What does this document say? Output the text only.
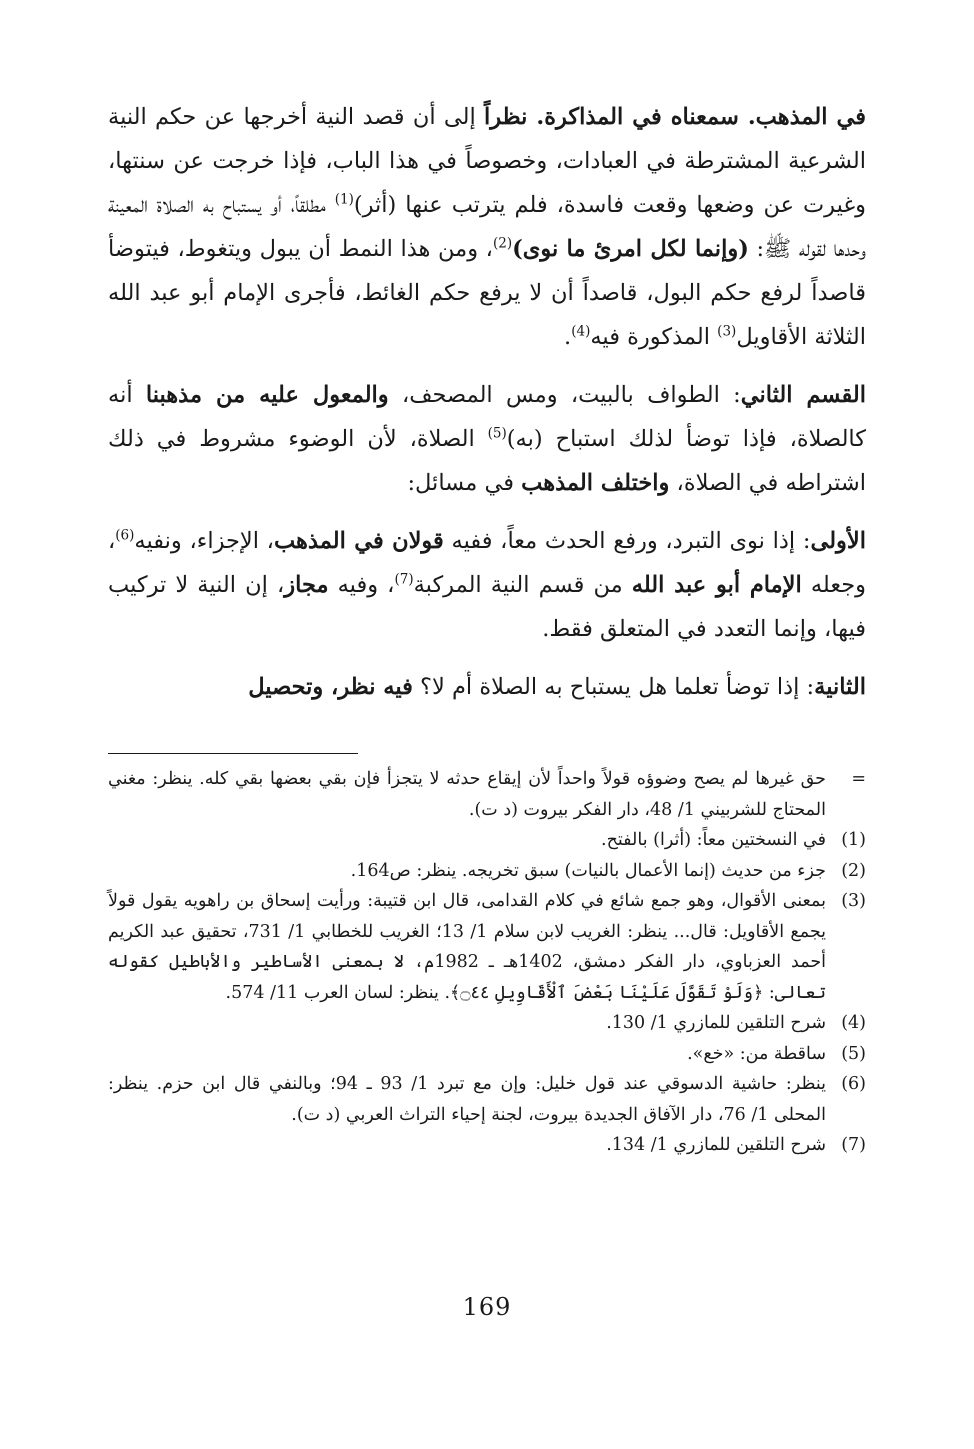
في المذهب. سمعناه في المذاكرة. نظراً إلى أن قصد النية أخرجها عن حكم النية الشرعية المشترطة في العبادات، وخصوصاً في هذا الباب، فإذا خرجت عن سنتها، وغيرت عن وضعها وقعت فاسدة، فلم يترتب عنها (أثر)$^{(1)}$ مطلقاً، أو يستباح به الصلاة المعينة وحدها لقوله ﷺ: (وإنما لكل امرئ ما نوى)$^{(2)}$، ومن هذا النمط أن يبول ويتغوط، فيتوضأ قاصداً لرفع حكم البول، قاصداً أن لا يرفع حكم الغائط، فأجرى الإمام أبو عبد الله الثلاثة الأقاويل$^{(3)}$ المذكورة فيه$^{(4)}$.

القسم الثاني: الطواف بالبيت، ومس المصحف، والمعول عليه من مذهبنا أنه كالصلاة، فإذا توضأ لذلك استباح (به)$^{(5)}$ الصلاة، لأن الوضوء مشروط في ذلك اشتراطه في الصلاة، واختلف المذهب في مسائل:

الأولى: إذا نوى التبرد، ورفع الحدث معاً، ففيه قولان في المذهب، الإجزاء، ونفيه$^{(6)}$، وجعله الإمام أبو عبد الله من قسم النية المركبة$^{(7)}$، وفيه مجاز، إن النية لا تركيب فيها، وإنما التعدد في المتعلق فقط.

الثانية: إذا توضأ تعلما هل يستباح به الصلاة أم لا؟ فيه نظر، وتحصيل

=
حق غيرها لم يصح وضوؤه قولاً واحداً لأن إيقاع حدثه لا يتجزأ فإن بقي بعضها بقي كله. ينظر: مغني المحتاج للشربيني 1/ 48، دار الفكر بيروت (د ت).
(1)
في النسختين معاً: (أثرا) بالفتح.
(2)
جزء من حديث (إنما الأعمال بالنيات) سبق تخريجه. ينظر: ص164.
(3)
بمعنى الأقوال، وهو جمع شائع في كلام القدامى، قال ابن قتيبة: ورأيت إسحاق بن راهويه يقول قولاً يجمع الأقاويل: قال... ينظر: الغريب لابن سلام 1/ 13؛ الغريب للخطابي 1/ 731، تحقيق عبد الكريم أحمد العزباوي، دار الفكر دمشق، 1402هـ ـ 1982م، لا بمعنى الأساطير والأباطيل كقوله تعالى: ﴿وَلَوْ تَقَوَّلَ عَلَيْنَا بَعْضَ ٱلْأَقَاوِيلِ ۝٤٤﴾. ينظر: لسان العرب 11/ 574.
(4)
شرح التلقين للمازري 1/ 130.
(5)
ساقطة من: «خع».
(6)
ينظر: حاشية الدسوقي عند قول خليل: وإن مع تبرد 1/ 93 ـ 94؛ وبالنفي قال ابن حزم. ينظر: المحلى 1/ 76، دار الآفاق الجديدة بيروت، لجنة إحياء التراث العربي (د ت).
(7)
شرح التلقين للمازري 1/ 134.
169
